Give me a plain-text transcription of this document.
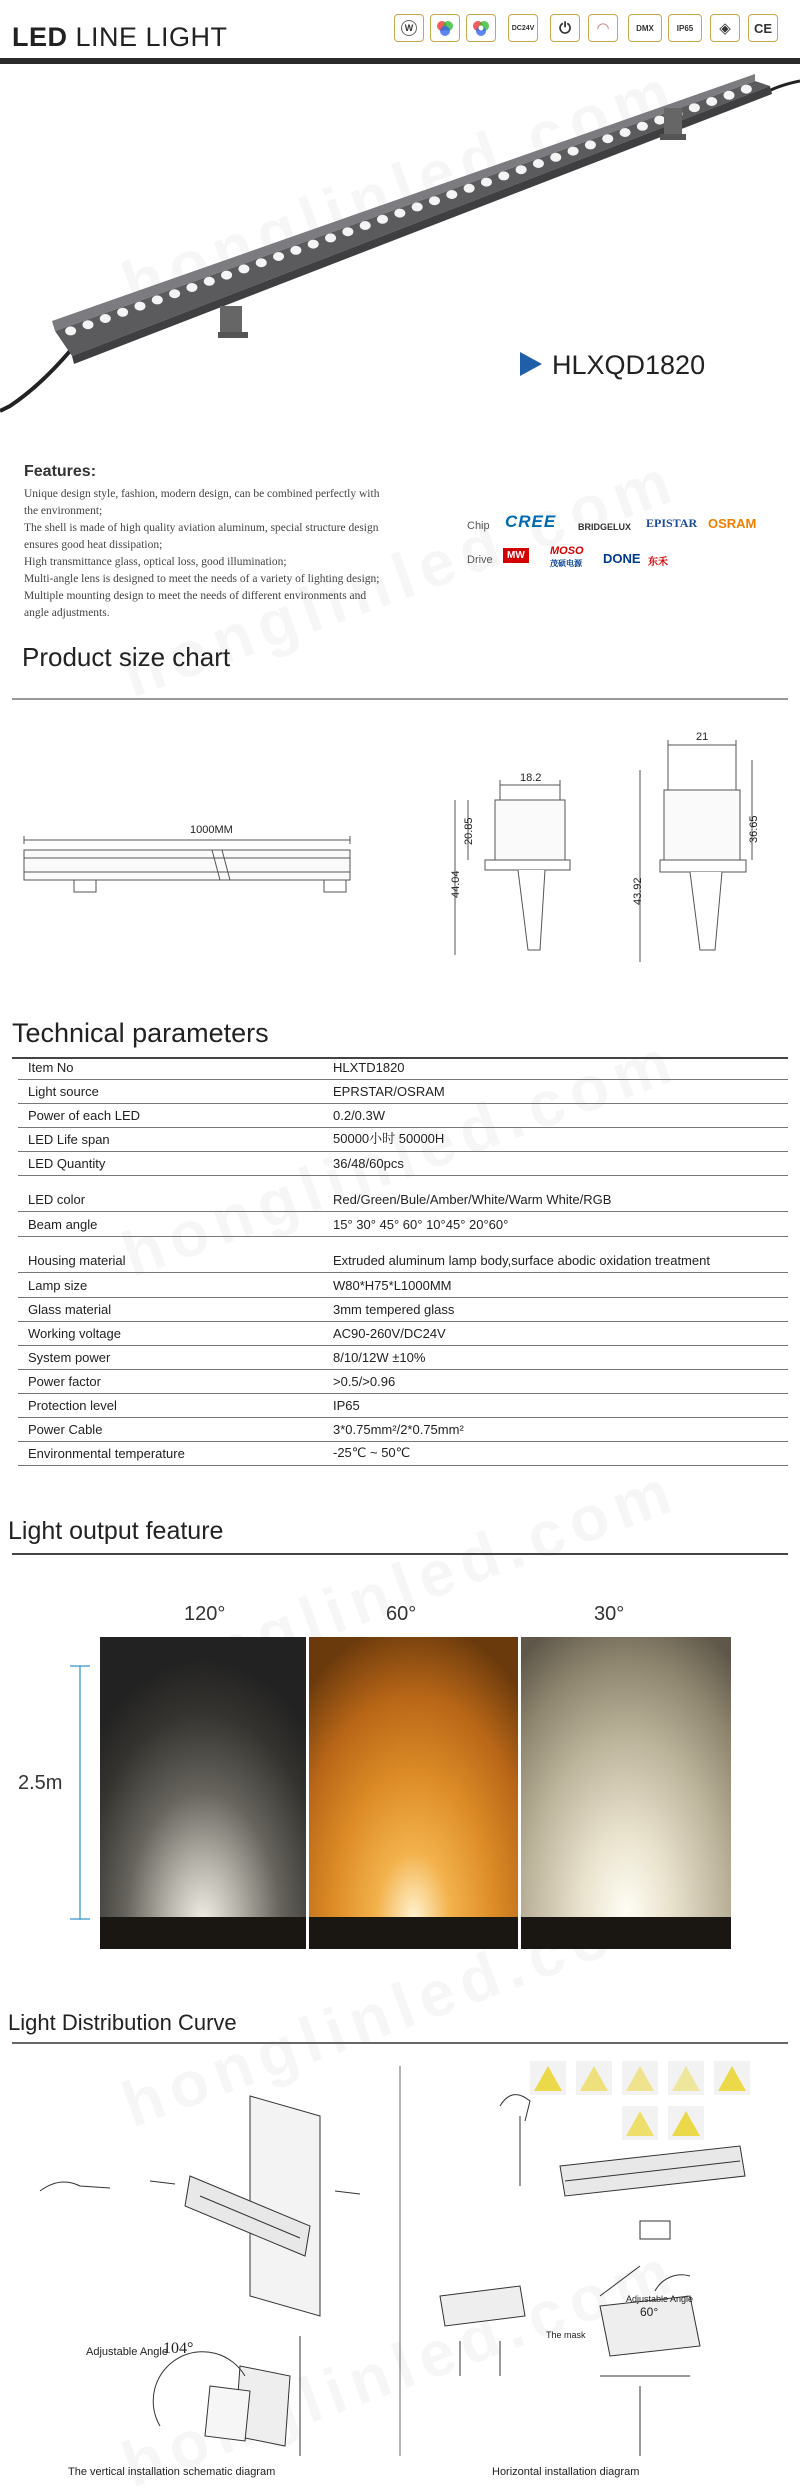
LED LINE LIGHT	W	DC24V	⏻	◠	DMX	IP65	◈	CE
HLXQD1820
Features:
Unique design style, fashion, modern design, can be combined perfectly with
the environment;
The shell is made of high quality aviation aluminum, special structure design
ensures good heat dissipation;
High transmittance glass, optical loss, good illumination;
Multi-angle lens is designed to meet the needs of a variety of lighting design;
Multiple mounting design to meet the needs of different environments and
angle adjustments.
Chip
Drive
CREE BRIDGELUX EPISTAR OSRAM
MW	MOSO
茂硕电源 DONE 东禾
Product size chart
1000MM
18.2
20.85
44.04
21
36.65
43.92
Technical parameters
Item No	HLXTD1820
Light source	EPRSTAR/OSRAM
Power of each LED	0.2/0.3W
LED Life span	50000小时 50000H
LED Quantity	36/48/60pcs
LED color	Red/Green/Bule/Amber/White/Warm White/RGB
Beam angle	15° 30° 45° 60° 10°45° 20°60°
Housing material	Extruded aluminum lamp body,surface abodic oxidation treatment
Lamp size	W80*H75*L1000MM
Glass material	3mm tempered glass
Working voltage	AC90-260V/DC24V
System power	8/10/12W ±10%
Power factor	>0.5/>0.96
Protection level	IP65
Power Cable	3*0.75mm²/2*0.75mm²
Environmental temperature	-25℃ ~ 50℃
Light output feature
120°	60°	30°
2.5m
Light Distribution Curve
Adjustable Angle
104°
Adjustable Angle
60°
The mask
The vertical installation schematic diagram	Horizontal installation diagram
